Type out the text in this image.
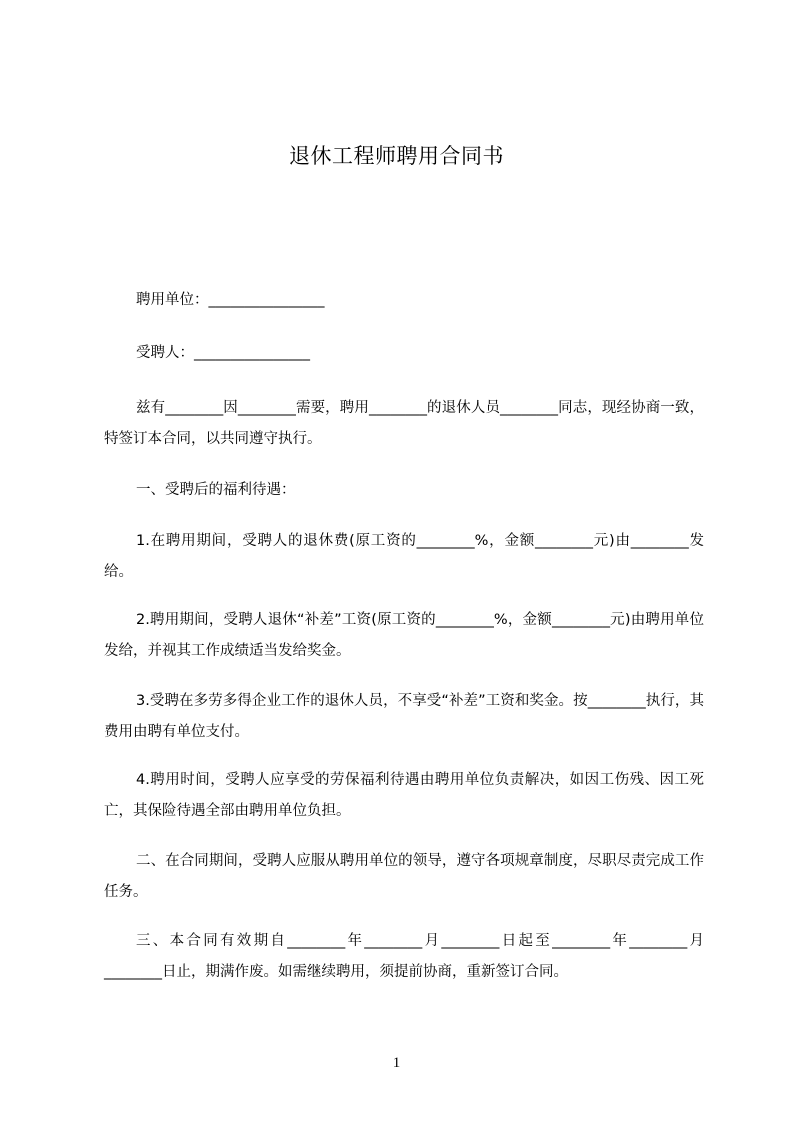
退休工程师聘用合同书
聘用单位：________________
受聘人：________________
兹有________因________需要，聘用________的退休人员________同志，现经协商一致，特签订本合同，以共同遵守执行。
一、受聘后的福利待遇：
1.在聘用期间，受聘人的退休费(原工资的________%，金额________元)由________发给。
2.聘用期间，受聘人退休“补差”工资(原工资的________%，金额________元)由聘用单位发给，并视其工作成绩适当发给奖金。
3.受聘在多劳多得企业工作的退休人员，不享受“补差”工资和奖金。按________执行，其费用由聘有单位支付。
4.聘用时间，受聘人应享受的劳保福利待遇由聘用单位负责解决，如因工伤残、因工死亡，其保险待遇全部由聘用单位负担。
二、在合同期间，受聘人应服从聘用单位的领导，遵守各项规章制度，尽职尽责完成工作任务。
三、本合同有效期自________年________月________日起至________年________月________日止，期满作废。如需继续聘用，须提前协商，重新签订合同。
1
